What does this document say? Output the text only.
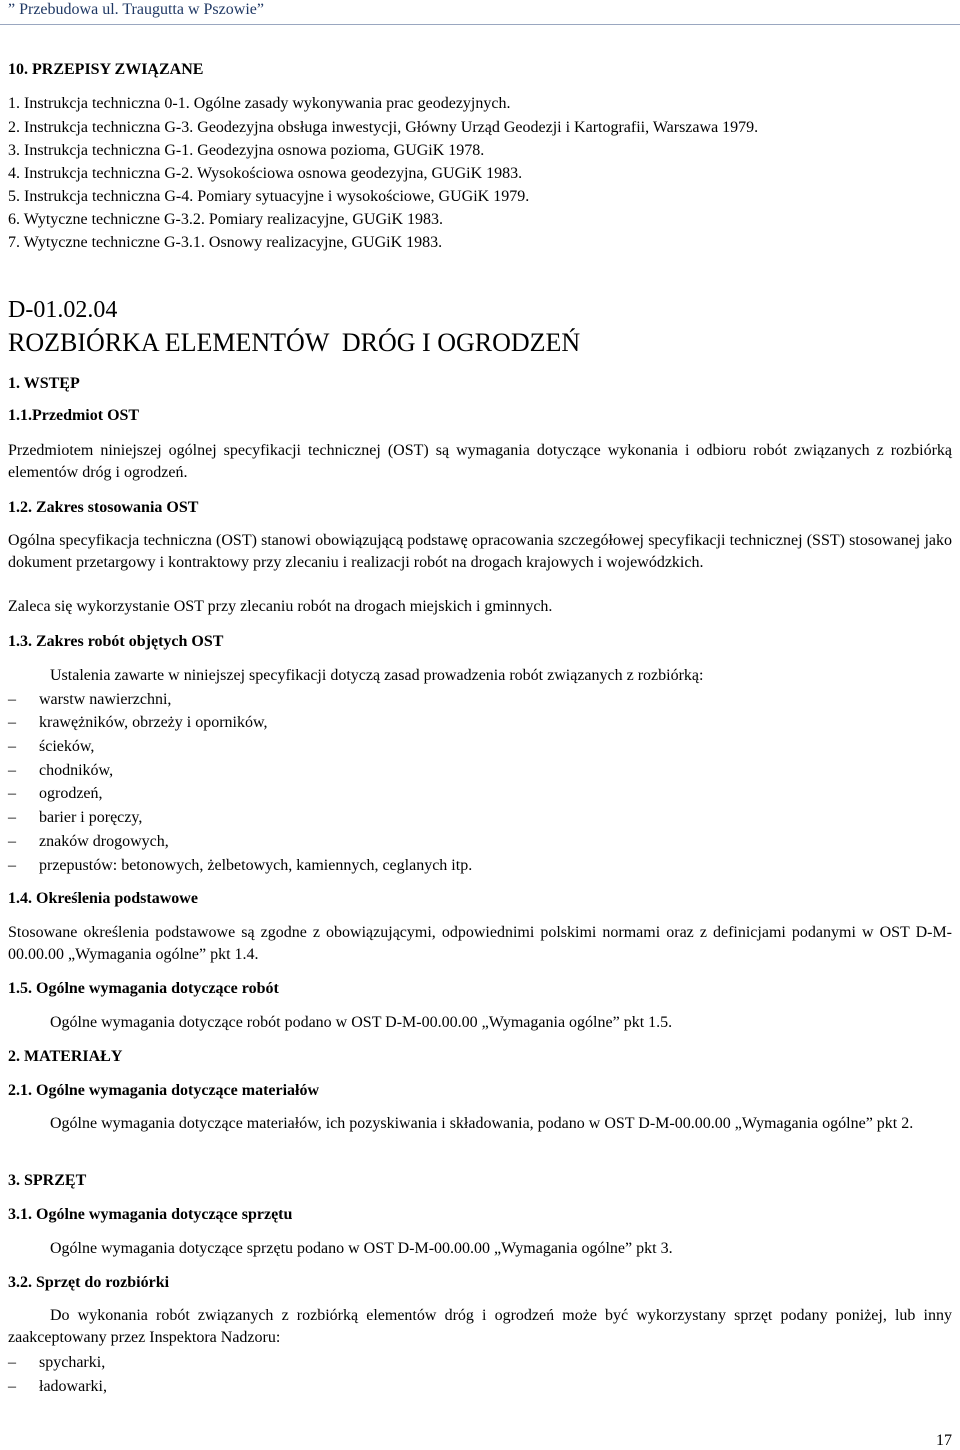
” Przebudowa ul. Traugutta w Pszowie”
10. PRZEPISY ZWIĄZANE
1. Instrukcja techniczna 0-1. Ogólne zasady wykonywania prac geodezyjnych.
2. Instrukcja techniczna G-3. Geodezyjna obsługa inwestycji, Główny Urząd Geodezji i Kartografii, Warszawa 1979.
3. Instrukcja techniczna G-1. Geodezyjna osnowa pozioma, GUGiK 1978.
4. Instrukcja techniczna G-2. Wysokościowa osnowa geodezyjna, GUGiK 1983.
5. Instrukcja techniczna G-4. Pomiary sytuacyjne i wysokościowe, GUGiK 1979.
6. Wytyczne techniczne G-3.2. Pomiary realizacyjne, GUGiK 1983.
7. Wytyczne techniczne G-3.1. Osnowy realizacyjne, GUGiK 1983.
D-01.02.04
ROZBIÓRKA ELEMENTÓW  DRÓG I OGRODZEŃ
1. WSTĘP
1.1.Przedmiot OST
Przedmiotem niniejszej ogólnej specyfikacji technicznej (OST) są wymagania dotyczące wykonania i odbioru robót związanych z rozbiórką elementów dróg i ogrodzeń.
1.2. Zakres stosowania OST
Ogólna specyfikacja techniczna (OST) stanowi obowiązującą podstawę opracowania szczegółowej specyfikacji technicznej (SST) stosowanej jako dokument przetargowy i kontraktowy przy zlecaniu i realizacji robót na drogach krajowych i wojewódzkich.
Zaleca się wykorzystanie OST przy zlecaniu robót na drogach miejskich i gminnych.
1.3. Zakres robót objętych OST
Ustalenia zawarte w niniejszej specyfikacji dotyczą zasad prowadzenia robót związanych z rozbiórką:
– warstw nawierzchni,
– krawężników, obrzeży i oporników,
– ścieków,
– chodników,
– ogrodzeń,
– barier i poręczy,
– znaków drogowych,
– przepustów: betonowych, żelbetowych, kamiennych, ceglanych itp.
1.4. Określenia podstawowe
Stosowane określenia podstawowe są zgodne z obowiązującymi, odpowiednimi polskimi normami oraz z definicjami podanymi w OST D-M-00.00.00 „Wymagania ogólne” pkt 1.4.
1.5. Ogólne wymagania dotyczące robót
Ogólne wymagania dotyczące robót podano w OST D-M-00.00.00 „Wymagania ogólne” pkt 1.5.
2. MATERIAŁY
2.1. Ogólne wymagania dotyczące materiałów
Ogólne wymagania dotyczące materiałów, ich pozyskiwania i składowania, podano w OST D-M-00.00.00 „Wymagania ogólne” pkt 2.
3. SPRZĘT
3.1. Ogólne wymagania dotyczące sprzętu
Ogólne wymagania dotyczące sprzętu podano w OST D-M-00.00.00 „Wymagania ogólne” pkt 3.
3.2. Sprzęt do rozbiórki
Do wykonania robót związanych z rozbiórką elementów dróg i ogrodzeń może być wykorzystany sprzęt podany poniżej, lub inny zaakceptowany przez Inspektora Nadzoru:
– spycharki,
– ładowarki,
17
